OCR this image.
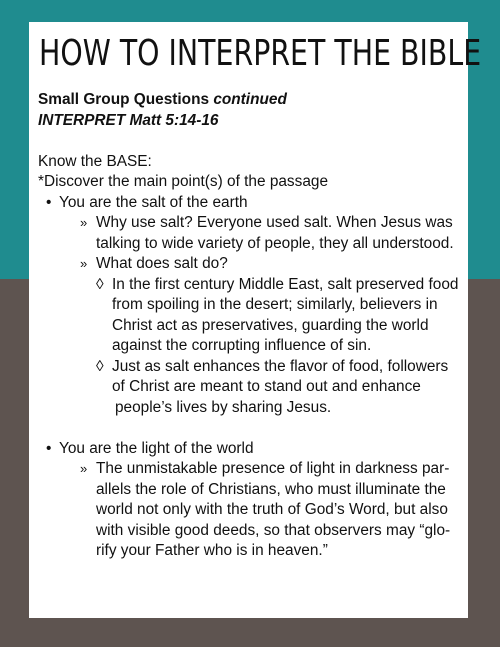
HOW TO INTERPRET THE BIBLE
Small Group Questions continued
INTERPRET Matt 5:14-16
Know the BASE:
*Discover the main point(s) of the passage
• You are the salt of the earth
» Why use salt? Everyone used salt. When Jesus was
talking to wide variety of people, they all understood.
» What does salt do?
◊ In the first century Middle East, salt preserved food
from spoiling in the desert; similarly, believers in
Christ act as preservatives, guarding the world
against the corrupting influence of sin.
◊ Just as salt enhances the flavor of food, followers
of Christ are meant to stand out and enhance
people’s lives by sharing Jesus.
• You are the light of the world
» The unmistakable presence of light in darkness par-
allels the role of Christians, who must illuminate the
world not only with the truth of God’s Word, but also
with visible good deeds, so that observers may “glo-
rify your Father who is in heaven.”
